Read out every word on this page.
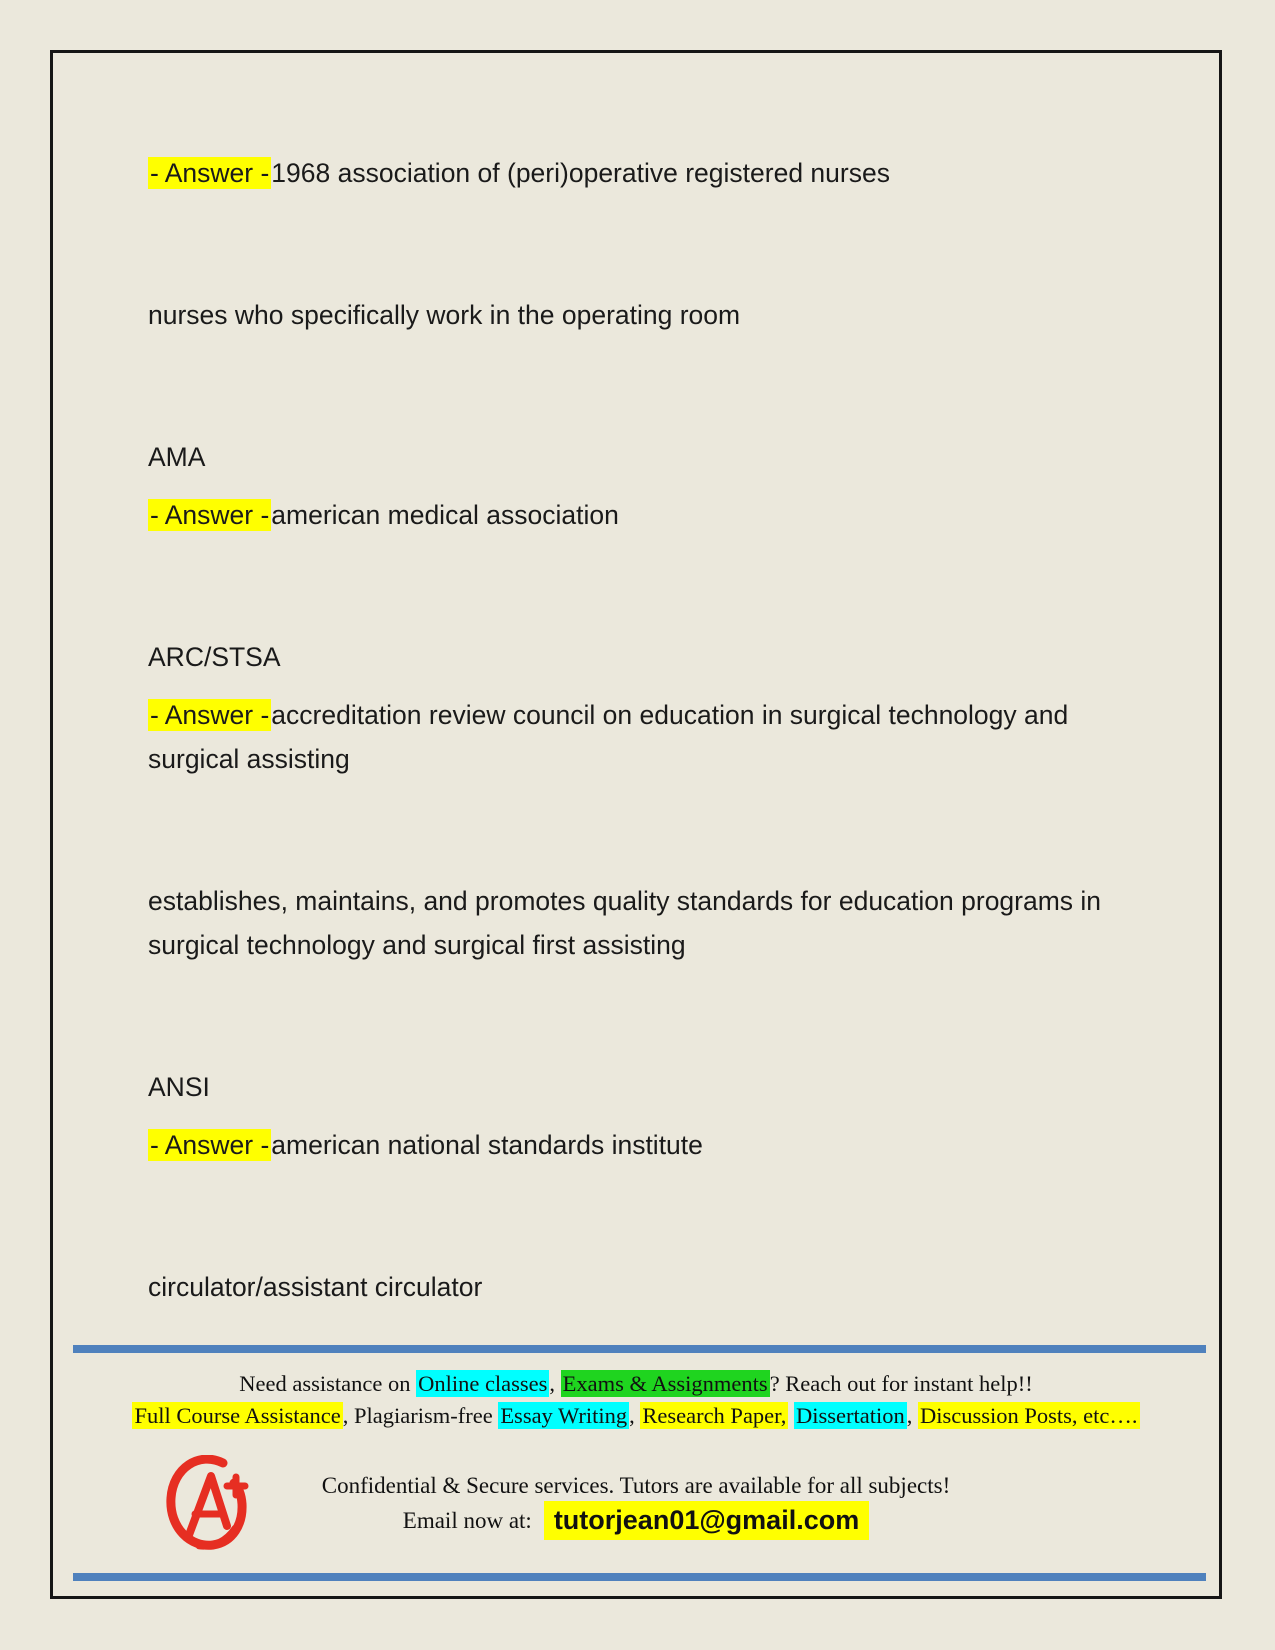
- Answer -1968 association of (peri)operative registered nurses
nurses who specifically work in the operating room
AMA
- Answer -american medical association
ARC/STSA
- Answer -accreditation review council on education in surgical technology and surgical assisting
establishes, maintains, and promotes quality standards for education programs in surgical technology and surgical first assisting
ANSI
- Answer -american national standards institute
circulator/assistant circulator
Need assistance on Online classes, Exams & Assignments? Reach out for instant help!!
Full Course Assistance, Plagiarism-free Essay Writing, Research Paper, Dissertation, Discussion Posts, etc….
Confidential & Secure services. Tutors are available for all subjects!
Email now at: tutorjean01@gmail.com
